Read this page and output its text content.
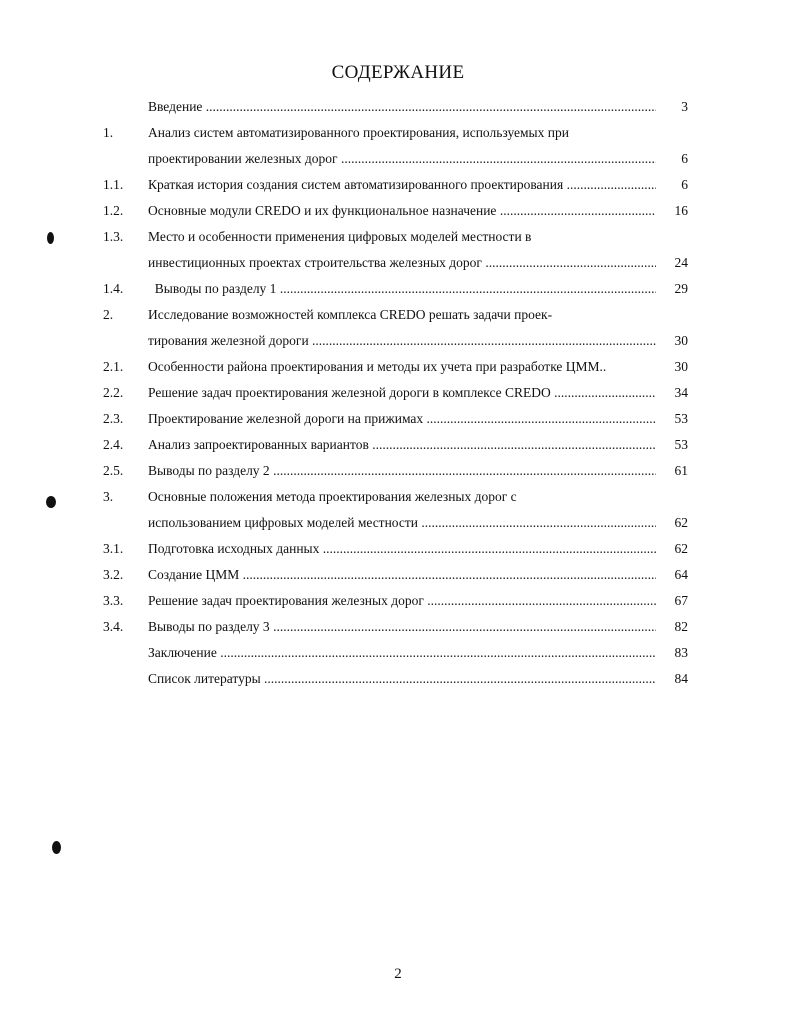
СОДЕРЖАНИЕ
Введение .....	3
1.	Анализ систем автоматизированного проектирования, используемых при
проектировании железных дорог .....	6
1.1. Краткая история создания систем автоматизированного проектирования .....	6
1.2. Основные модули CREDO и их функциональное назначение .....	16
1.3. Место и особенности применения цифровых моделей местности в
инвестиционных проектах строительства железных дорог .....	24
1.4. Выводы по разделу 1 .....	29
2.	Исследование возможностей комплекса CREDO решать задачи проек-
тирования железной дороги .....	30
2.1. Особенности района проектирования и методы их учета при разработке ЦММ..	30
2.2. Решение задач проектирования железной дороги в комплексе CREDO .....	34
2.3. Проектирование железной дороги на прижимах .....	53
2.4. Анализ запроектированных вариантов .....	53
2.5. Выводы по разделу 2 .....	61
3.	Основные положения метода проектирования железных дорог с
использованием цифровых моделей местности .....	62
3.1. Подготовка исходных данных .....	62
3.2. Создание ЦММ .....	64
3.3. Решение задач проектирования железных дорог .....	67
3.4. Выводы по разделу 3 .....	82
Заключение .....	83
Список литературы .....	84
2
